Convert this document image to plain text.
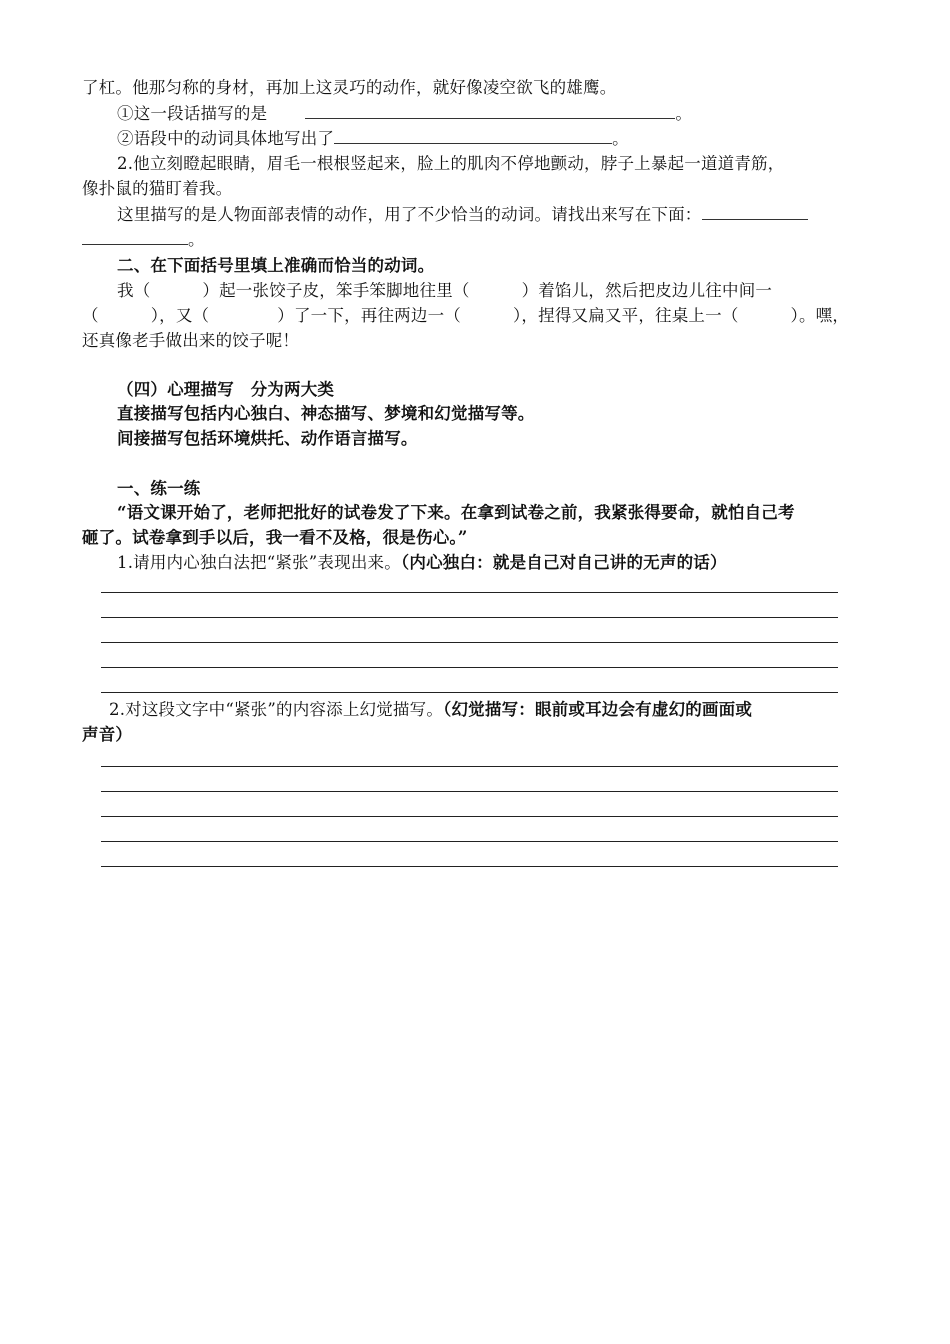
了杠。他那匀称的身材，再加上这灵巧的动作，就好像凌空欲飞的雄鹰。
①这一段话描写的是	。
②语段中的动词具体地写出了	。
2.他立刻瞪起眼睛，眉毛一根根竖起来，脸上的肌肉不停地颤动，脖子上暴起一道道青筋，
像扑鼠的猫盯着我。
这里描写的是人物面部表情的动作，用了不少恰当的动词。请找出来写在下面：
。
二、在下面括号里填上准确而恰当的动词。
我（	）起一张饺子皮，笨手笨脚地往里（	）着馅儿，然后把皮边儿往中间一
（	），又（	）了一下，再往两边一（	），捏得又扁又平，往桌上一（	）。嘿，
还真像老手做出来的饺子呢！
（四）心理描写　分为两大类
直接描写包括内心独白、神态描写、梦境和幻觉描写等。
间接描写包括环境烘托、动作语言描写。
一、练一练
“语文课开始了，老师把批好的试卷发了下来。在拿到试卷之前，我紧张得要命，就怕自己考
砸了。试卷拿到手以后，我一看不及格，很是伤心。”
1.请用内心独白法把“紧张”表现出来。（内心独白：就是自己对自己讲的无声的话）
2.对这段文字中“紧张”的内容添上幻觉描写。（幻觉描写：眼前或耳边会有虚幻的画面或
声音）
